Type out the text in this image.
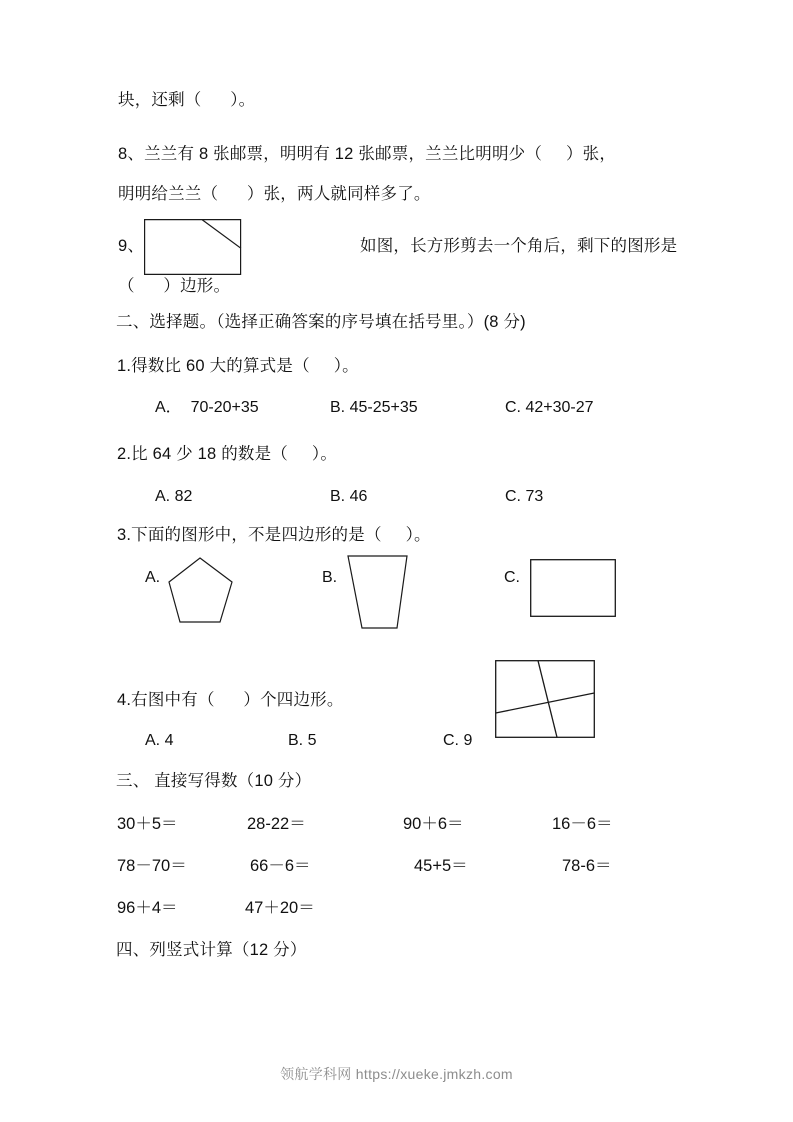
块，还剩（      ）。
8、兰兰有 8 张邮票，明明有 12 张邮票，兰兰比明明少（     ）张，
明明给兰兰（      ）张，两人就同样多了。
9、	如图，长方形剪去一个角后，剩下的图形是
（      ）边形。
二、选择题。（选择正确答案的序号填在括号里。）(8 分)
1.得数比 60 大的算式是（     ）。
A．  70-20+35	B. 45-25+35	C. 42+30-27
2.比 64 少 18 的数是（     ）。
A. 82	B. 46	C. 73
3.下面的图形中，不是四边形的是（     ）。
A.	B.	C.
4.右图中有（      ）个四边形。
A. 4	B. 5	C. 9
三、 直接写得数（10 分）
30＋5＝	28-22＝	90＋6＝	16－6＝
78－70＝	66－6＝	45+5＝	78-6＝
96＋4＝	47＋20＝
四、列竖式计算（12 分）
领航学科网 https://xueke.jmkzh.com
